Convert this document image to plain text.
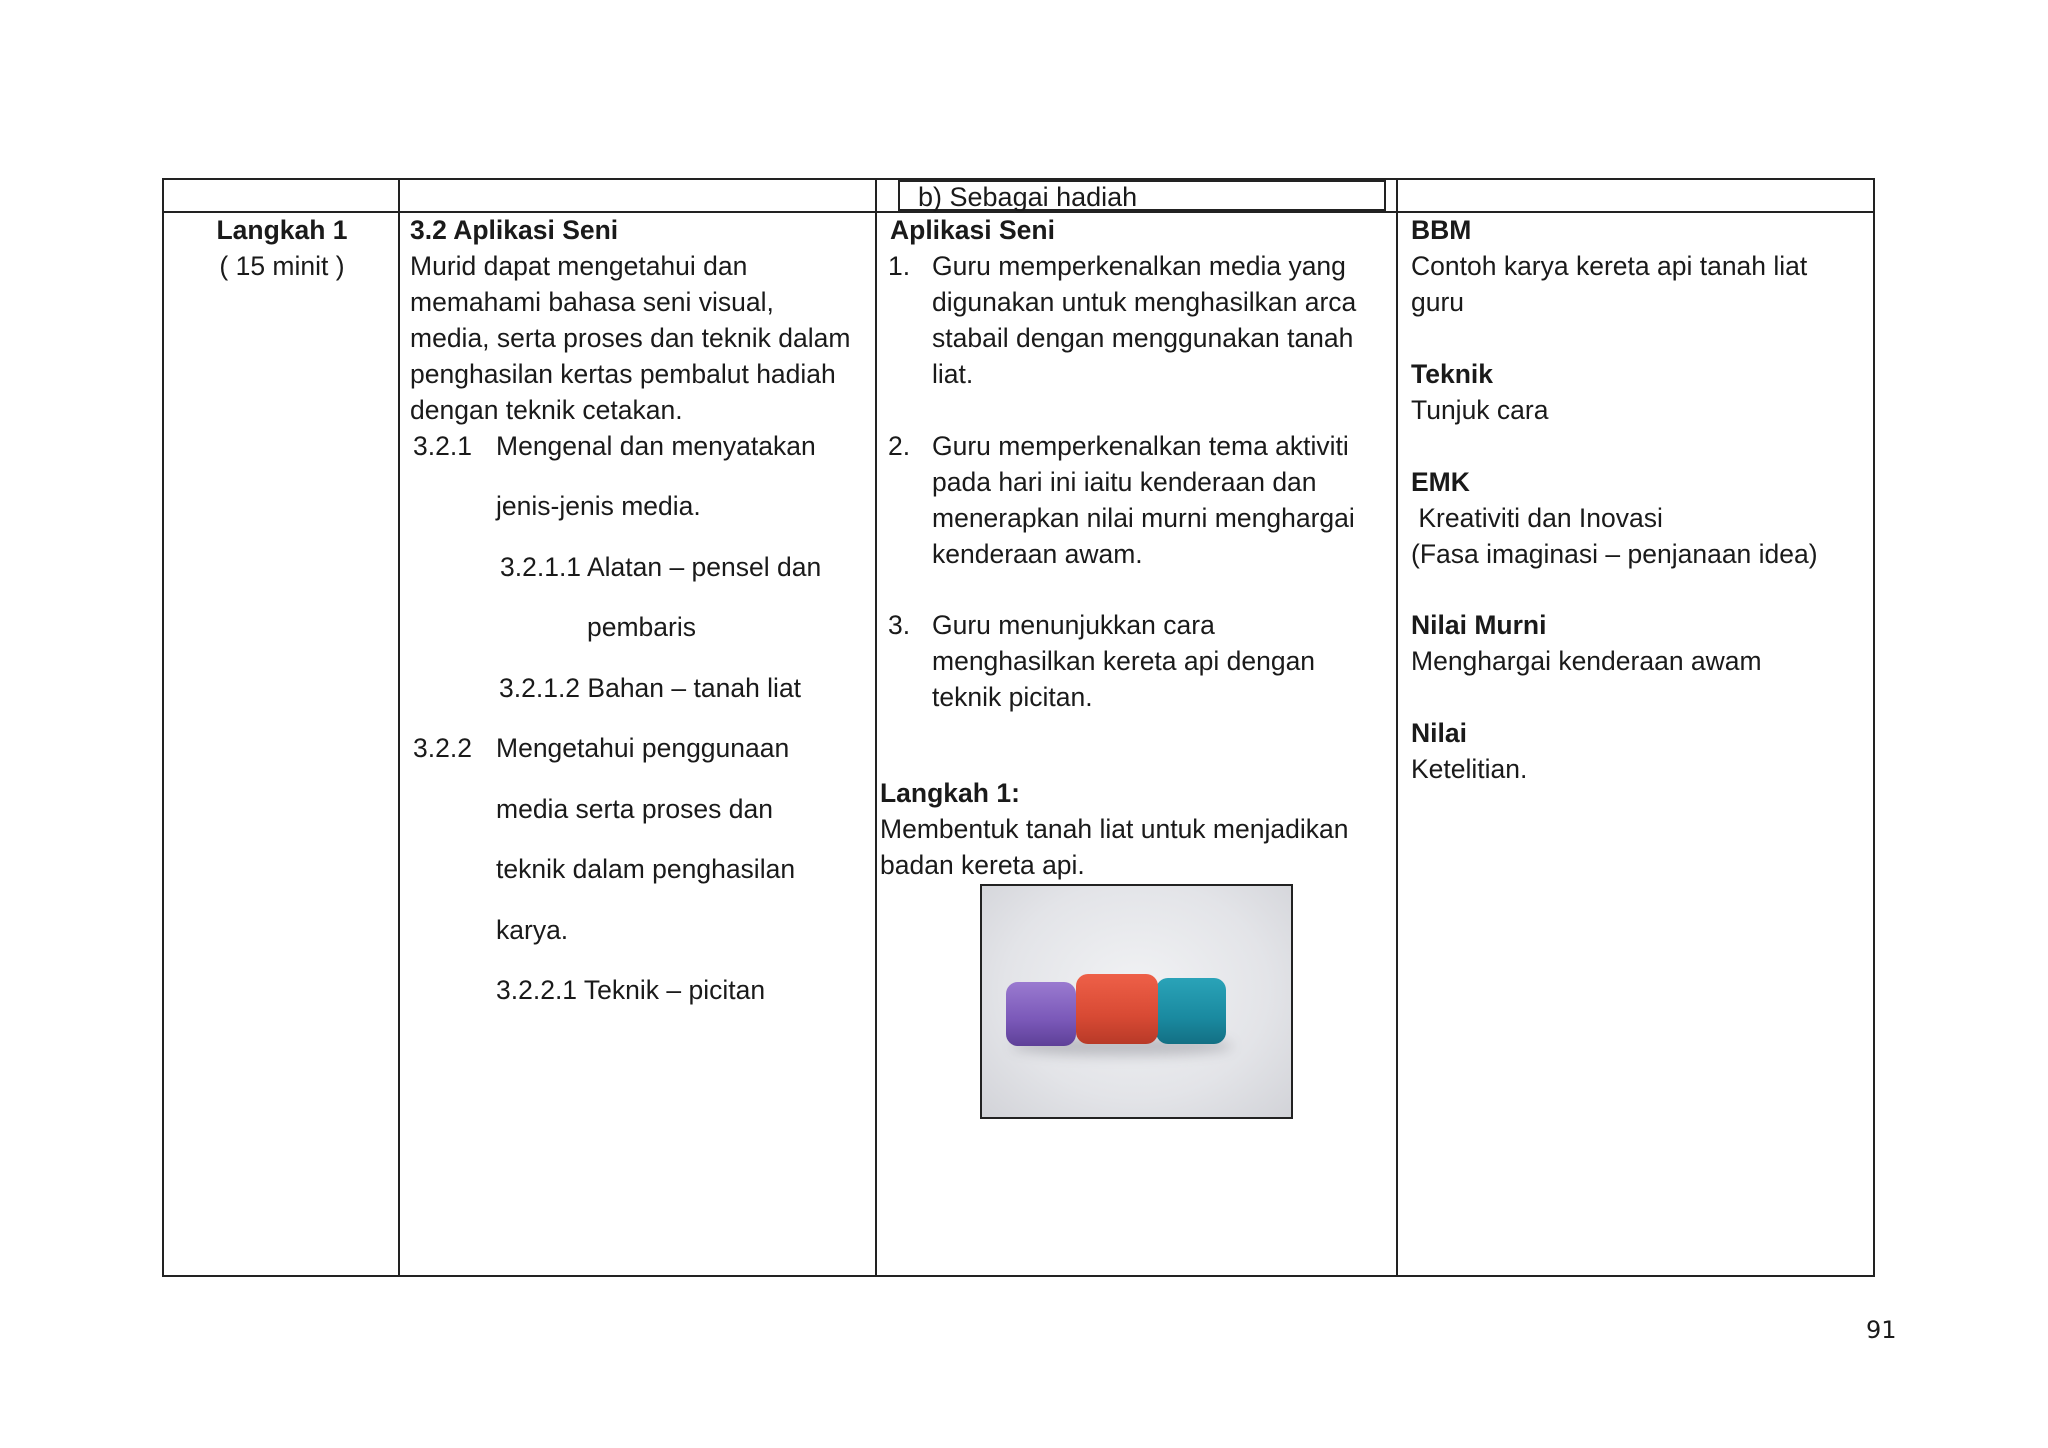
b) Sebagai hadiah
Langkah 1
( 15 minit )
3.2 Aplikasi Seni
Murid dapat mengetahui dan
memahami bahasa seni visual,
media, serta proses dan teknik dalam
penghasilan kertas pembalut hadiah
dengan teknik cetakan.
3.2.1 Mengenal dan menyatakan
jenis-jenis media.
3.2.1.1 Alatan – pensel dan
pembaris
3.2.1.2 Bahan – tanah liat
3.2.2 Mengetahui penggunaan
media serta proses dan
teknik dalam penghasilan
karya.
3.2.2.1 Teknik – picitan
Aplikasi Seni
1. Guru memperkenalkan media yang
digunakan untuk menghasilkan arca
stabail dengan menggunakan tanah
liat.
2. Guru memperkenalkan tema aktiviti
pada hari ini iaitu kenderaan dan
menerapkan nilai murni menghargai
kenderaan awam.
3. Guru menunjukkan cara
menghasilkan kereta api dengan
teknik picitan.
Langkah 1:
Membentuk tanah liat untuk menjadikan
badan kereta api.
BBM
Contoh karya kereta api tanah liat
guru
Teknik
Tunjuk cara
EMK
Kreativiti dan Inovasi
(Fasa imaginasi – penjanaan idea)
Nilai Murni
Menghargai kenderaan awam
Nilai
Ketelitian.
91
